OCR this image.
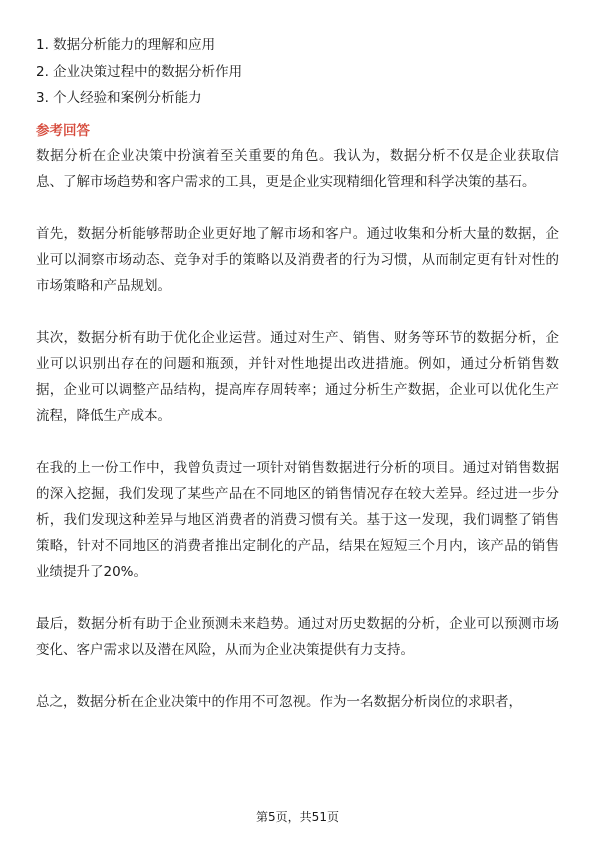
1. 数据分析能力的理解和应用
2. 企业决策过程中的数据分析作用
3. 个人经验和案例分析能力
参考回答

数据分析在企业决策中扮演着至关重要的角色。我认为，数据分析不仅是企业获取信息、了解市场趋势和客户需求的工具，更是企业实现精细化管理和科学决策的基石。

首先，数据分析能够帮助企业更好地了解市场和客户。通过收集和分析大量的数据，企业可以洞察市场动态、竞争对手的策略以及消费者的行为习惯，从而制定更有针对性的市场策略和产品规划。

其次，数据分析有助于优化企业运营。通过对生产、销售、财务等环节的数据分析，企业可以识别出存在的问题和瓶颈，并针对性地提出改进措施。例如，通过分析销售数据，企业可以调整产品结构，提高库存周转率；通过分析生产数据，企业可以优化生产流程，降低生产成本。

在我的上一份工作中，我曾负责过一项针对销售数据进行分析的项目。通过对销售数据的深入挖掘，我们发现了某些产品在不同地区的销售情况存在较大差异。经过进一步分析，我们发现这种差异与地区消费者的消费习惯有关。基于这一发现，我们调整了销售策略，针对不同地区的消费者推出定制化的产品，结果在短短三个月内，该产品的销售业绩提升了20%。

最后，数据分析有助于企业预测未来趋势。通过对历史数据的分析，企业可以预测市场变化、客户需求以及潜在风险，从而为企业决策提供有力支持。

总之，数据分析在企业决策中的作用不可忽视。作为一名数据分析岗位的求职者，

第5页，共51页
